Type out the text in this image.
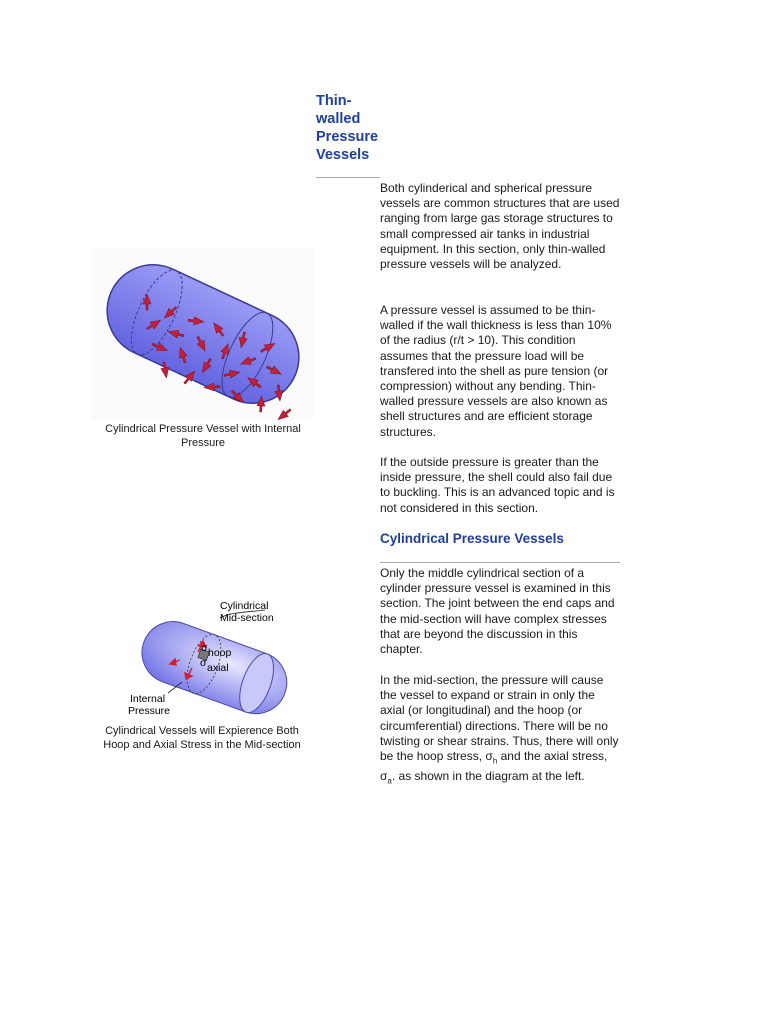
Thin-walled Pressure Vessels
Both cylinderical and spherical pressure vessels are common structures that are used ranging from large gas storage structures to small compressed air tanks in industrial equipment. In this section, only thin-walled pressure vessels will be analyzed.
A pressure vessel is assumed to be thin-walled if the wall thickness is less than 10% of the radius (r/t > 10). This condition assumes that the pressure load will be transfered into the shell as pure tension (or compression) without any bending. Thin-walled pressure vessels are also known as shell structures and are efficient storage structures.
If the outside pressure is greater than the inside pressure, the shell could also fail due to buckling. This is an advanced topic and is not considered in this section.
Cylindrical Pressure Vessels
Only the middle cylindrical section of a cylinder pressure vessel is examined in this section. The joint between the end caps and the mid-section will have complex stresses that are beyond the discussion in this chapter.
In the mid-section, the pressure will cause the vessel to expand or strain in only the axial (or longitudinal) and the hoop (or circumferential) directions. There will be no twisting or shear strains. Thus, there will only be the hoop stress, $\sigma_h$ and the axial stress, $\sigma_a$. as shown in the diagram at the left.
Cylindrical Pressure Vessel with Internal Pressure
Cylindrical
Mid-section
σ hoop
σ axial
Internal
Pressure
Cylindrical Vessels will Expierence Both Hoop and Axial Stress in the Mid-section
